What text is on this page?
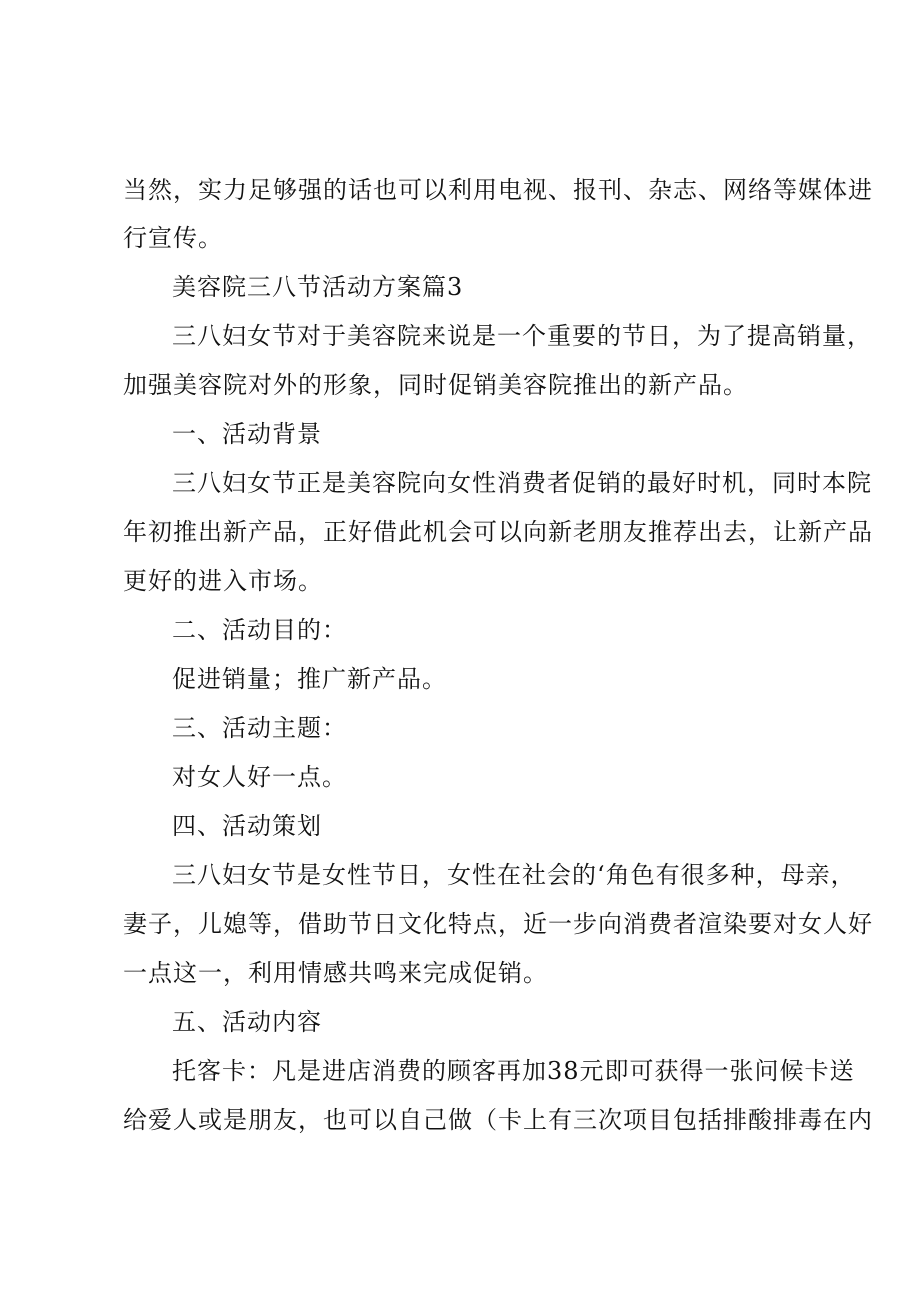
当然，实力足够强的话也可以利用电视、报刊、杂志、网络等媒体进
行宣传。
美容院三八节活动方案篇3
三八妇女节对于美容院来说是一个重要的节日，为了提高销量，
加强美容院对外的形象，同时促销美容院推出的新产品。
一、活动背景
三八妇女节正是美容院向女性消费者促销的最好时机，同时本院
年初推出新产品，正好借此机会可以向新老朋友推荐出去，让新产品
更好的进入市场。
二、活动目的：
促进销量；推广新产品。
三、活动主题：
对女人好一点。
四、活动策划
三八妇女节是女性节日，女性在社会的‘角色有很多种，母亲，
妻子，儿媳等，借助节日文化特点，近一步向消费者渲染要对女人好
一点这一，利用情感共鸣来完成促销。
五、活动内容
托客卡：凡是进店消费的顾客再加38元即可获得一张问候卡送
给爱人或是朋友，也可以自己做（卡上有三次项目包括排酸排毒在内
